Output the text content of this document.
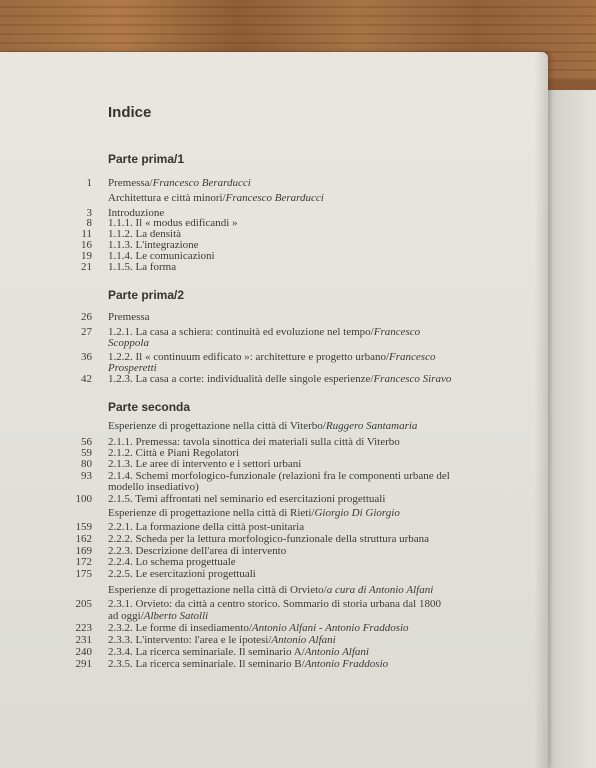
Indice
Parte prima/1
Parte prima/2
Parte seconda
1 Premessa/Francesco Berarducci
Architettura e città minori/Francesco Berarducci
3 Introduzione
8 1.1.1. Il « modus edificandi »
11 1.1.2. La densità
16 1.1.3. L'integrazione
19 1.1.4. Le comunicazioni
21 1.1.5. La forma
26 Premessa
27 1.2.1. La casa a schiera: continuità ed evoluzione nel tempo/Francesco
Scoppola
36 1.2.2. Il « continuum edificato »: architetture e progetto urbano/Francesco
Prosperetti
42 1.2.3. La casa a corte: individualità delle singole esperienze/Francesco Siravo
Esperienze di progettazione nella città di Viterbo/Ruggero Santamaria
56 2.1.1. Premessa: tavola sinottica dei materiali sulla città di Viterbo
59 2.1.2. Città e Piani Regolatori
80 2.1.3. Le aree di intervento e i settori urbani
93 2.1.4. Schemi morfologico-funzionale (relazioni fra le componenti urbane del
modello insediativo)
100 2.1.5. Temi affrontati nel seminario ed esercitazioni progettuali
Esperienze di progettazione nella città di Rieti/Giorgio Di Giorgio
159 2.2.1. La formazione della città post-unitaria
162 2.2.2. Scheda per la lettura morfologico-funzionale della struttura urbana
169 2.2.3. Descrizione dell'area di intervento
172 2.2.4. Lo schema progettuale
175 2.2.5. Le esercitazioni progettuali
Esperienze di progettazione nella città di Orvieto/a cura di Antonio Alfani
205 2.3.1. Orvieto: da città a centro storico. Sommario di storia urbana dal 1800
ad oggi/Alberto Satolli
223 2.3.2. Le forme di insediamento/Antonio Alfani - Antonio Fraddosio
231 2.3.3. L'intervento: l'area e le ipotesi/Antonio Alfani
240 2.3.4. La ricerca seminariale. Il seminario A/Antonio Alfani
291 2.3.5. La ricerca seminariale. Il seminario B/Antonio Fraddosio
